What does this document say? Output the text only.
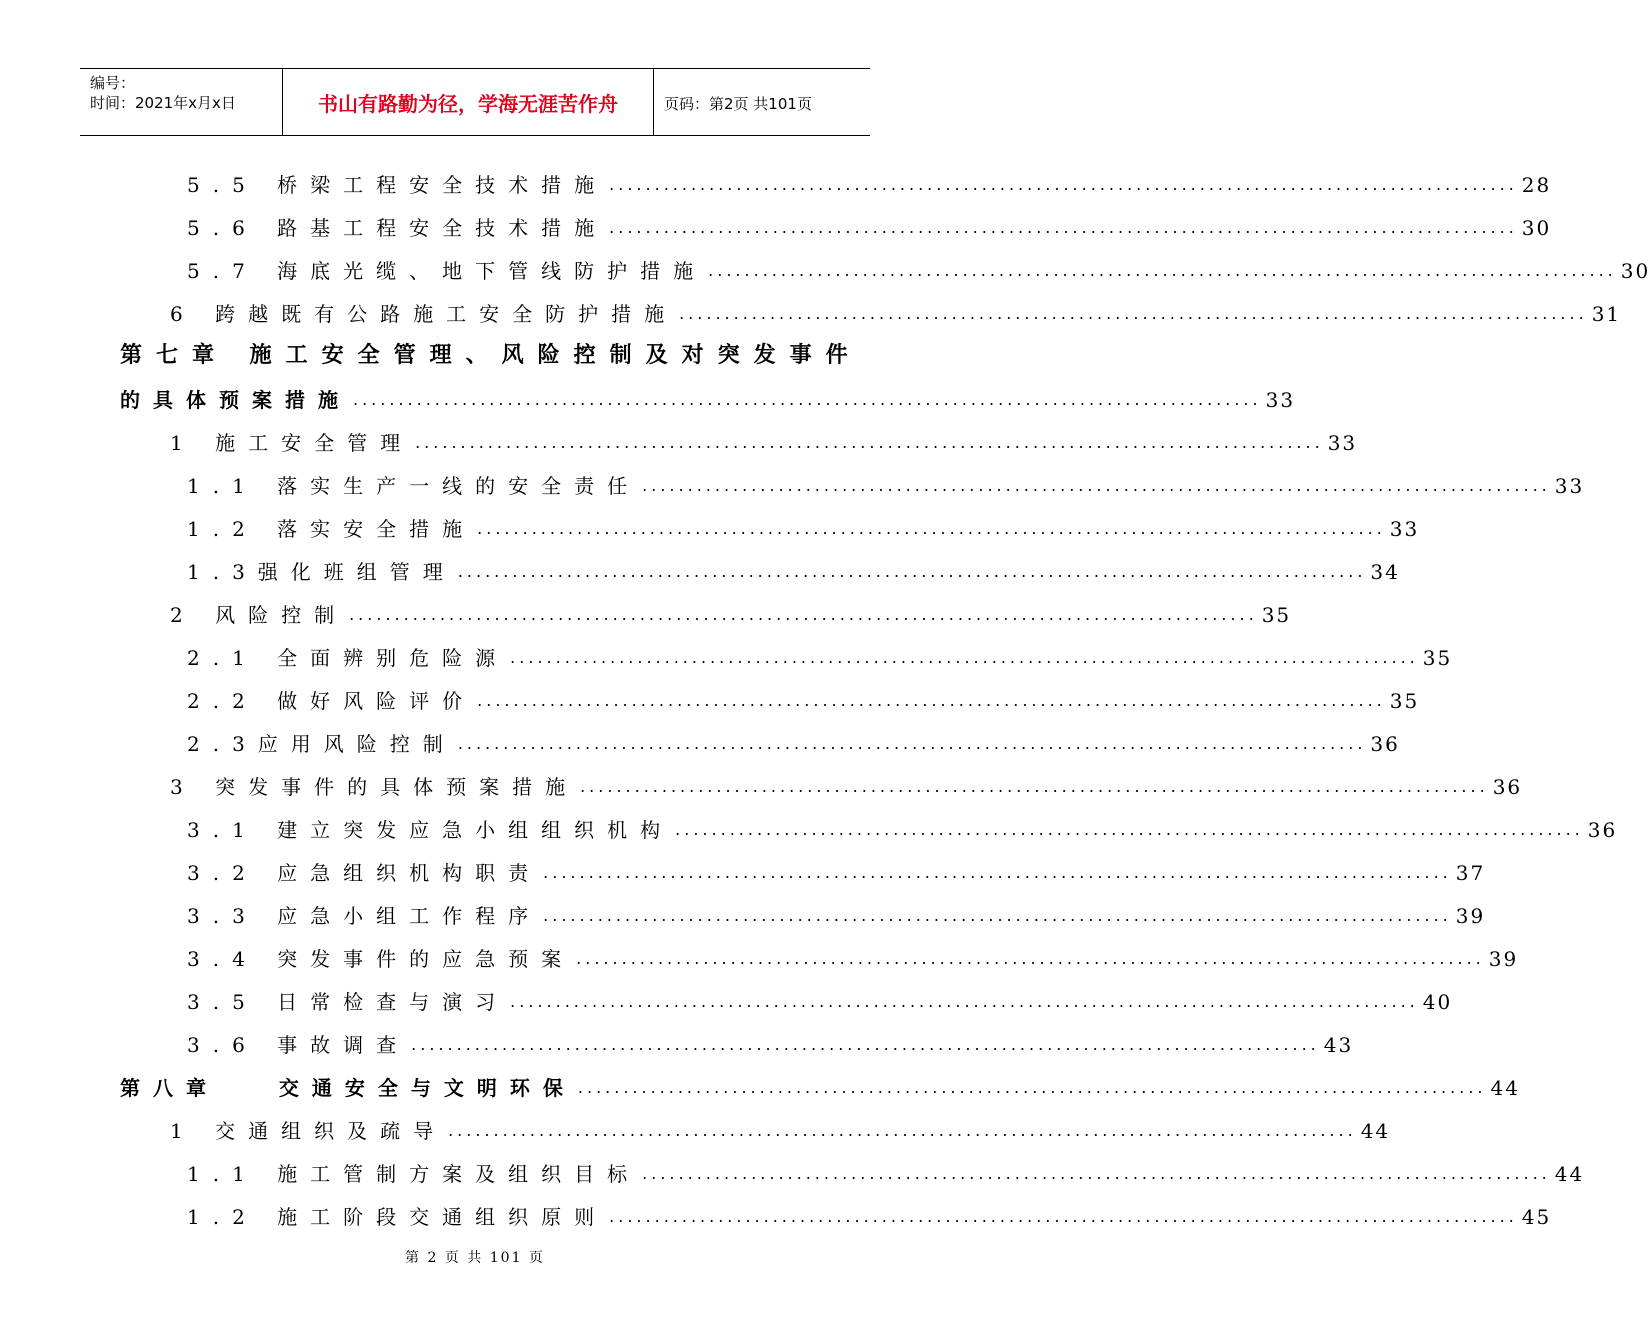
编号：
时间：2021年x月x日	书山有路勤为径，学海无涯苦作舟	页码：第2页 共101页
5.5 桥梁工程安全技术措施 .................................................................................................... 28
5.6 路基工程安全技术措施 .................................................................................................... 30
5.7 海底光缆、地下管线防护措施 .................................................................................................... 30
6 跨越既有公路施工安全防护措施 .................................................................................................... 31
第七章 施工安全管理、风险控制及对突发事件
的具体预案措施 .................................................................................................... 33
1 施工安全管理 .................................................................................................... 33
1.1 落实生产一线的安全责任 .................................................................................................... 33
1.2 落实安全措施 .................................................................................................... 33
1.3强化班组管理 .................................................................................................... 34
2 风险控制 .................................................................................................... 35
2.1 全面辨别危险源 .................................................................................................... 35
2.2 做好风险评价 .................................................................................................... 35
2.3应用风险控制 .................................................................................................... 36
3 突发事件的具体预案措施 .................................................................................................... 36
3.1 建立突发应急小组组织机构 .................................................................................................... 36
3.2 应急组织机构职责 .................................................................................................... 37
3.3 应急小组工作程序 .................................................................................................... 39
3.4 突发事件的应急预案 .................................................................................................... 39
3.5 日常检查与演习 .................................................................................................... 40
3.6 事故调查 .................................................................................................... 43
第八章   交通安全与文明环保 .................................................................................................... 44
1 交通组织及疏导 .................................................................................................... 44
1.1 施工管制方案及组织目标 .................................................................................................... 44
1.2 施工阶段交通组织原则 .................................................................................................... 45
第 2 页 共 101 页
